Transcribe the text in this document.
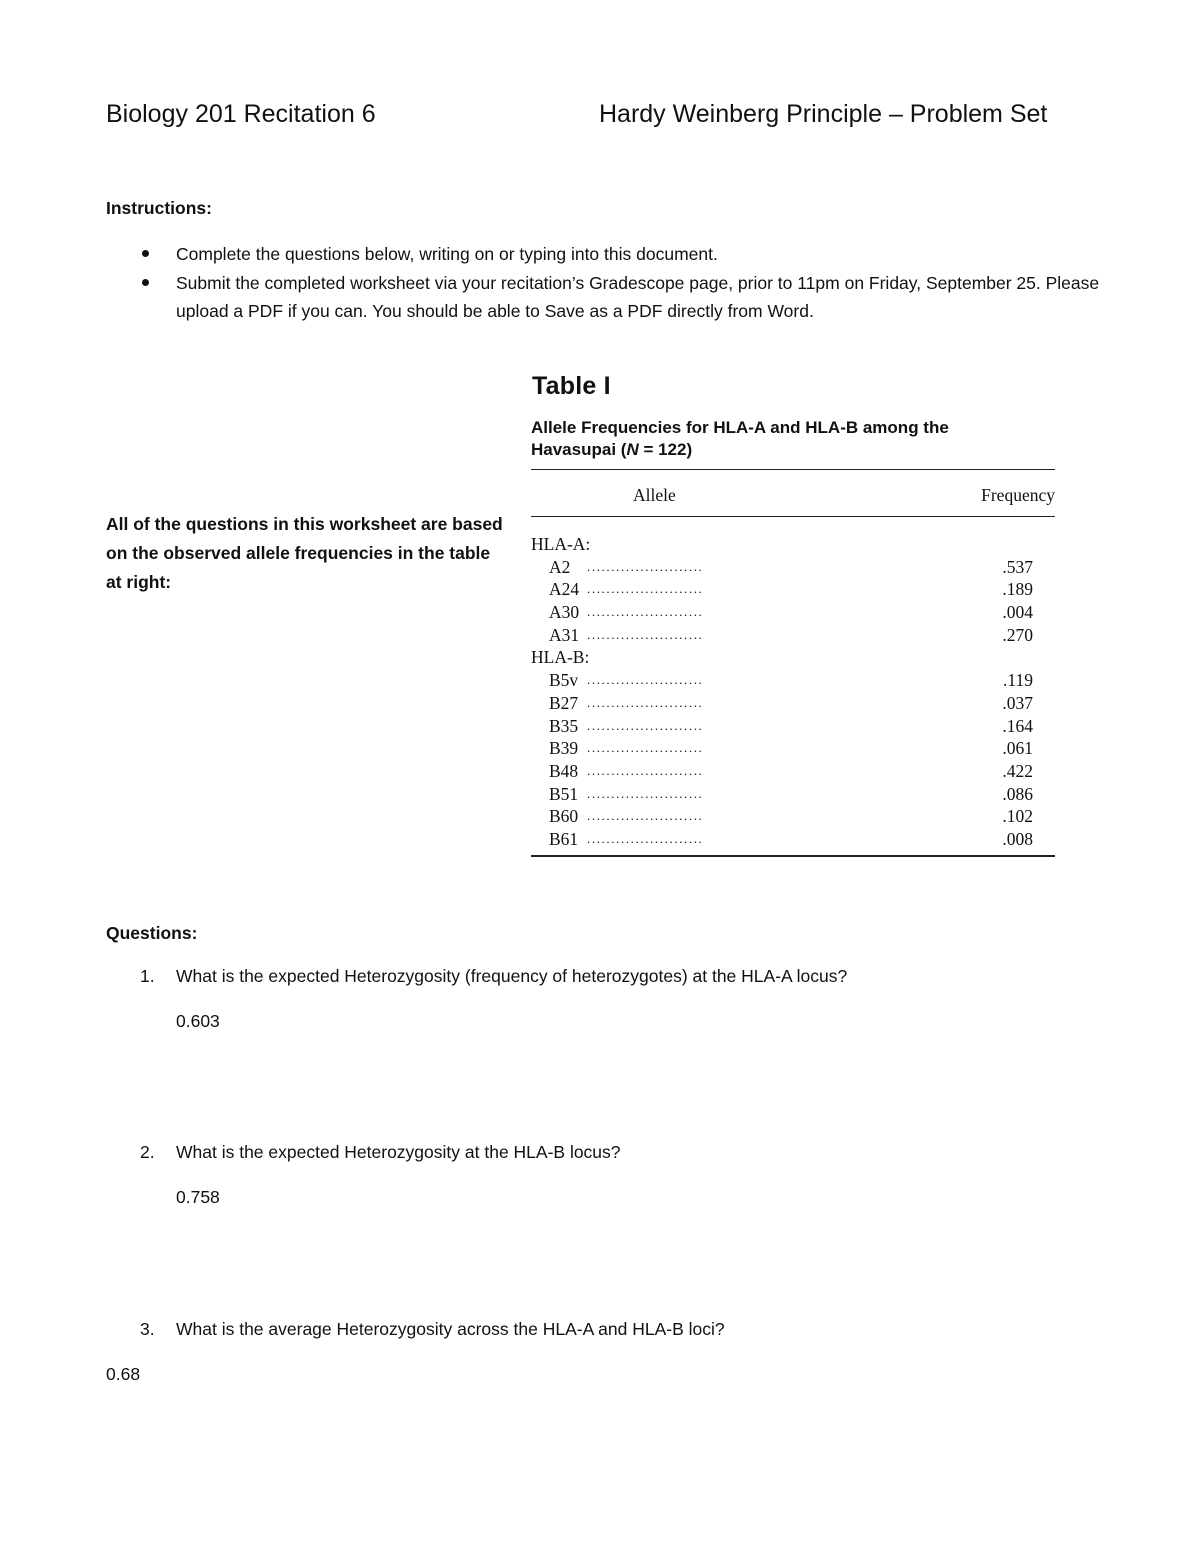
Biology 201 Recitation 6	Hardy Weinberg Principle – Problem Set
Instructions:
Complete the questions below, writing on or typing into this document.
Submit the completed worksheet via your recitation’s Gradescope page, prior to 11pm on Friday, September 25. Please upload a PDF if you can. You should be able to Save as a PDF directly from Word.
All of the questions in this worksheet are based on the observed allele frequencies in the table at right:
Table I
Allele Frequencies for HLA-A and HLA-B among the
Havasupai (N = 122)
Allele	Frequency
HLA-A:
A2 ........................	.537
A24 ........................	.189
A30 ........................	.004
A31 ........................	.270
HLA-B:
B5v ........................	.119
B27 ........................	.037
B35 ........................	.164
B39 ........................	.061
B48 ........................	.422
B51 ........................	.086
B60 ........................	.102
B61 ........................	.008
Questions:
1. What is the expected Heterozygosity (frequency of heterozygotes) at the HLA-A locus?
0.603
2. What is the expected Heterozygosity at the HLA-B locus?
0.758
3. What is the average Heterozygosity across the HLA-A and HLA-B loci?
0.68
